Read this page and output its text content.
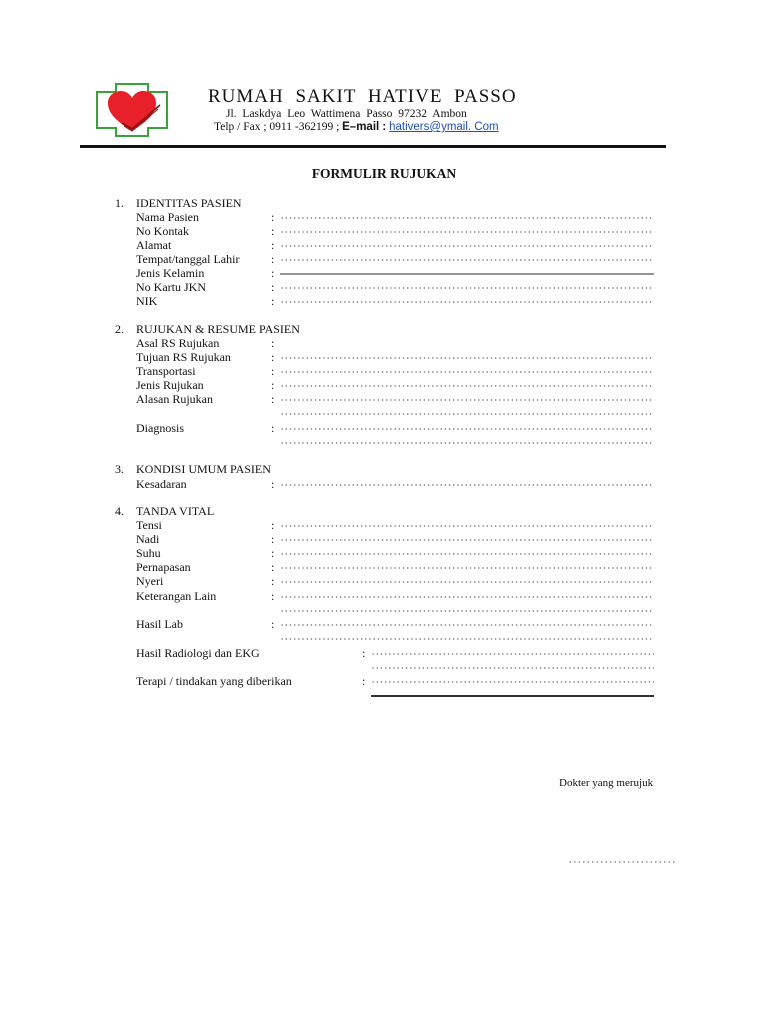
RUMAH SAKIT HATIVE PASSO
Jl. Laskdya Leo Wattimena Passo 97232 Ambon
Telp / Fax ; 0911 -362199 ; E–mail : hativers@ymail. Com
FORMULIR RUJUKAN
1. IDENTITAS PASIEN
Nama Pasien	:
No Kontak	:
Alamat	:
Tempat/tanggal Lahir	:
Jenis Kelamin	:
No Kartu JKN	:
NIK	:
2. RUJUKAN & RESUME PASIEN
Asal RS Rujukan	:
Tujuan RS Rujukan	:
Transportasi	:
Jenis Rujukan	:
Alasan Rujukan	:
Diagnosis	:
3. KONDISI UMUM PASIEN
Kesadaran	:
4. TANDA VITAL
Tensi	:
Nadi	:
Suhu	:
Pernapasan	:
Nyeri	:
Keterangan Lain	:
Hasil Lab	:
Hasil Radiologi dan EKG	:
Terapi / tindakan yang diberikan	:
Dokter yang merujuk
